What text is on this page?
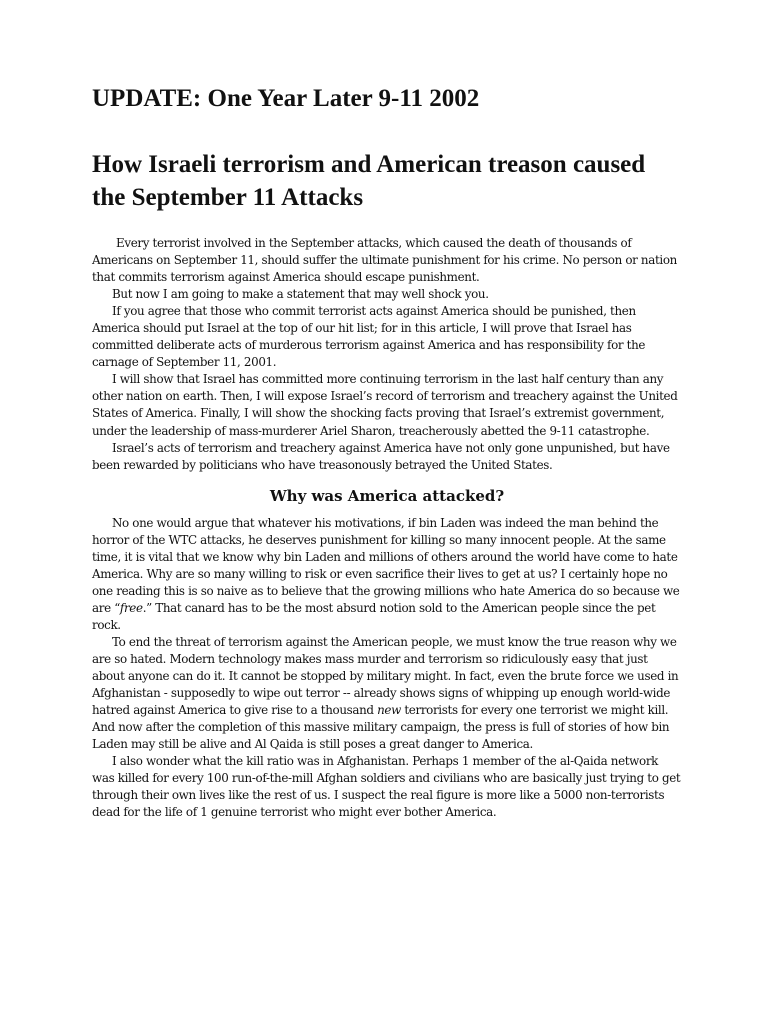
UPDATE: One Year Later 9-11 2002
How Israeli terrorism and American treason caused the September 11 Attacks

Every terrorist involved in the September attacks, which caused the death of thousands of Americans on September 11, should suffer the ultimate punishment for his crime. No person or nation that commits terrorism against America should escape punishment.

But now I am going to make a statement that may well shock you.

If you agree that those who commit terrorist acts against America should be punished, then America should put Israel at the top of our hit list; for in this article, I will prove that Israel has committed deliberate acts of murderous terrorism against America and has responsibility for the carnage of September 11, 2001.

I will show that Israel has committed more continuing terrorism in the last half century than any other nation on earth. Then, I will expose Israel’s record of terrorism and treachery against the United States of America. Finally, I will show the shocking facts proving that Israel’s extremist government, under the leadership of mass-murderer Ariel Sharon, treacherously abetted the 9-11 catastrophe.

Israel’s acts of terrorism and treachery against America have not only gone unpunished, but have been rewarded by politicians who have treasonously betrayed the United States.

Why was America attacked?

No one would argue that whatever his motivations, if bin Laden was indeed the man behind the horror of the WTC attacks, he deserves punishment for killing so many innocent people. At the same time, it is vital that we know why bin Laden and millions of others around the world have come to hate America. Why are so many willing to risk or even sacrifice their lives to get at us? I certainly hope no one reading this is so naive as to believe that the growing millions who hate America do so because we are “free.” That canard has to be the most absurd notion sold to the American people since the pet rock.

To end the threat of terrorism against the American people, we must know the true reason why we are so hated. Modern technology makes mass murder and terrorism so ridiculously easy that just about anyone can do it. It cannot be stopped by military might. In fact, even the brute force we used in Afghanistan - supposedly to wipe out terror -- already shows signs of whipping up enough world-wide hatred against America to give rise to a thousand new terrorists for every one terrorist we might kill. And now after the completion of this massive military campaign, the press is full of stories of how bin Laden may still be alive and Al Qaida is still poses a great danger to America.

I also wonder what the kill ratio was in Afghanistan. Perhaps 1 member of the al-Qaida network was killed for every 100 run-of-the-mill Afghan soldiers and civilians who are basically just trying to get through their own lives like the rest of us. I suspect the real figure is more like a 5000 non-terrorists dead for the life of 1 genuine terrorist who might ever bother America.
